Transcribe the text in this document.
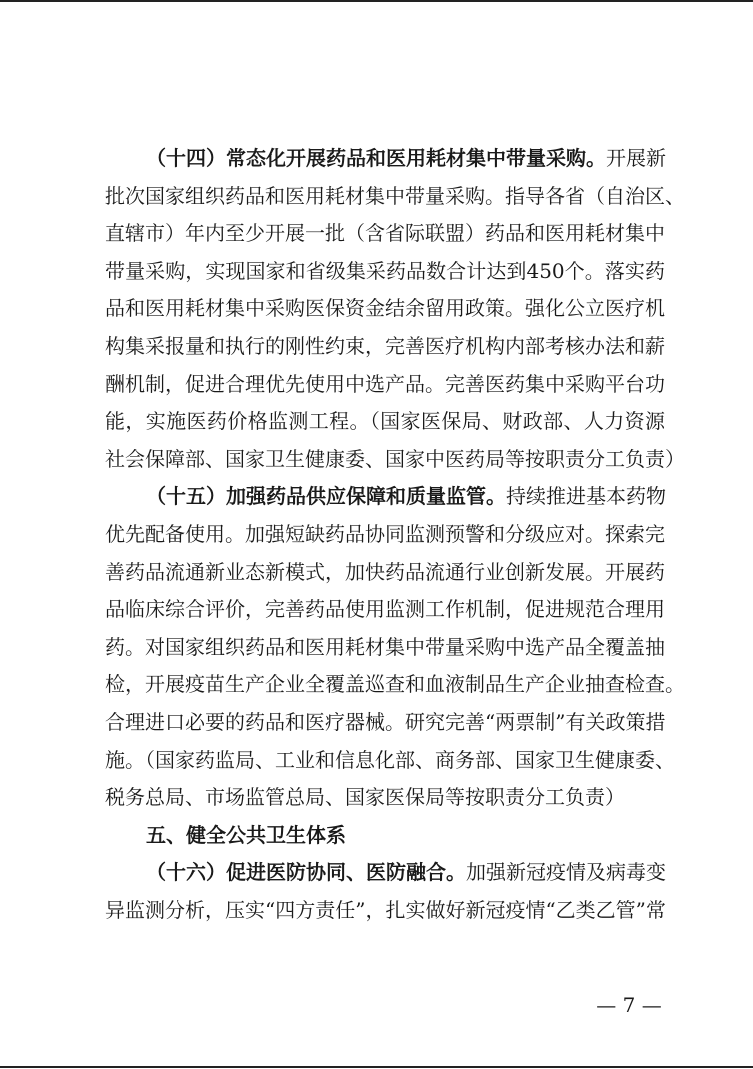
（十四）常态化开展药品和医用耗材集中带量采购。开展新
批次国家组织药品和医用耗材集中带量采购。指导各省（自治区、
直辖市）年内至少开展一批（含省际联盟）药品和医用耗材集中
带量采购，实现国家和省级集采药品数合计达到450个。落实药
品和医用耗材集中采购医保资金结余留用政策。强化公立医疗机
构集采报量和执行的刚性约束，完善医疗机构内部考核办法和薪
酬机制，促进合理优先使用中选产品。完善医药集中采购平台功
能，实施医药价格监测工程。（国家医保局、财政部、人力资源
社会保障部、国家卫生健康委、国家中医药局等按职责分工负责）
（十五）加强药品供应保障和质量监管。持续推进基本药物
优先配备使用。加强短缺药品协同监测预警和分级应对。探索完
善药品流通新业态新模式，加快药品流通行业创新发展。开展药
品临床综合评价，完善药品使用监测工作机制，促进规范合理用
药。对国家组织药品和医用耗材集中带量采购中选产品全覆盖抽
检，开展疫苗生产企业全覆盖巡查和血液制品生产企业抽查检查。
合理进口必要的药品和医疗器械。研究完善“两票制”有关政策措
施。（国家药监局、工业和信息化部、商务部、国家卫生健康委、
税务总局、市场监管总局、国家医保局等按职责分工负责）
五、健全公共卫生体系
（十六）促进医防协同、医防融合。加强新冠疫情及病毒变
异监测分析，压实“四方责任”，扎实做好新冠疫情“乙类乙管”常
— 7 —
